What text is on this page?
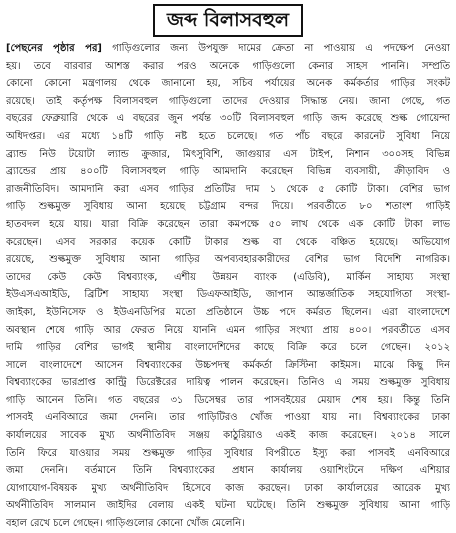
জব্দ বিলাসবহুল
[পেছনের পৃষ্ঠার পর] গাড়িগুলোর জন্য উপযুক্ত দামের ক্রেতা না পাওয়ায় এ পদক্ষেপ নেওয়া
হয়। তবে বারবার আশস্ত করার পরও অনেকে গাড়িগুলো কেনার সাহস পাননি। সম্প্রতি
কোনো কোনো মন্ত্রণালয় থেকে জানানো হয়, সচিব পর্যায়ের অনেক কর্মকর্তার গাড়ির সংকট
রয়েছে। তাই কর্তৃপক্ষ বিলাসবহুল গাড়িগুলো তাদের দেওয়ার সিদ্ধান্ত নেয়। জানা গেছে, গত
বছরের ফেব্রুয়ারি থেকে এ বছরের জুন পর্যন্ত ৩০টি বিলাসবহুল গাড়ি জব্দ করেছে শুল্ক গোয়েন্দা
অধিদপ্তর। এর মধ্যে ১৪টি গাড়ি নষ্ট হতে চলেছে। গত পাঁচ বছরে কারনেট সুবিধা নিয়ে
ব্র্যান্ড নিউ টয়োটা ল্যান্ড ক্রুজার, মিৎসুবিশি, জাগুয়ার এস টাইপ, নিশান ৩০০সহ বিভিন্ন
ব্র্যান্ডের প্রায় ৪০০টি বিলাসবহুল গাড়ি আমদানি করেছেন বিভিন্ন ব্যবসায়ী, ক্রীড়াবিদ ও
রাজনীতিবিদ। আমদানি করা এসব গাড়ির প্রতিটির দাম ১ থেকে ৫ কোটি টাকা। বেশির ভাগ
গাড়ি শুল্কমুক্ত সুবিধায় আনা হয়েছে চট্টগ্রাম বন্দর দিয়ে। পরবর্তীতে ৮০ শতাংশ গাড়িই
হাতবদল হয়ে যায়। যারা বিক্রি করেছেন তারা কমপক্ষে ৫০ লাখ থেকে এক কোটি টাকা লাভ
করেছেন। এসব সরকার কয়েক কোটি টাকার শুল্ক বা থেকে বঞ্চিত হয়েছে। অভিযোগ
রয়েছে, শুল্কমুক্ত সুবিধায় আনা গাড়ির অপব্যবহারকারীদের বেশির ভাগ বিদেশি নাগরিক।
তাদের কেউ কেউ বিশ্বব্যাংক, এশীয় উন্নয়ন ব্যাংক (এডিবি), মার্কিন সাহায্য সংস্থা
ইউএসএআইডি, ব্রিটিশ সাহায্য সংস্থা ডিএফআইডি, জাপান আন্তর্জাতিক সহযোগিতা সংস্থা-
জাইকা, ইউনিসেফ ও ইউএনডিপির মতো প্রতিষ্ঠানে উচ্চ পদে কর্মরত ছিলেন। এরা বাংলাদেশে
অবস্থান শেষে গাড়ি আর ফেরত নিয়ে যাননি এমন গাড়ির সংখ্যা প্রায় ৪০০। পরবর্তীতে এসব
দামি গাড়ির বেশির ভাগই স্থানীয় বাংলাদেশিদের কাছে বিক্রি করে চলে গেছেন। ২০১২
সালে বাংলাদেশে আসেন বিশ্বব্যাংকের উচ্চপদস্থ কর্মকর্তা ক্রিস্টিনা কাইমস। মাঝে কিছু দিন
বিশ্বব্যাংকের ভারপ্রাপ্ত কান্ট্রি ডিরেক্টরের দায়িত্ব পালন করেছেন। তিনিও এ সময় শুল্কমুক্ত সুবিধায়
গাড়ি আনেন তিনি। গত বছরের ৩১ ডিসেম্বর তার পাসবইয়ের মেয়াদ শেষ হয়। কিন্তু তিনি
পাসবই এনবিআরে জমা দেননি। তার গাড়িটিরও খোঁজ পাওয়া যায় না। বিশ্বব্যাংকের ঢাকা
কার্যালয়ের সাবেক মুখ্য অর্থনীতিবিদ সঞ্জয় কাঠুরিয়াও একই কাজ করেছেন। ২০১৪ সালে
তিনি ফিরে যাওয়ার সময় শুল্কমুক্ত গাড়ির সুবিধার বিপরীতে ইস্যু করা পাসবই এনবিআরে
জমা দেননি। বর্তমানে তিনি বিশ্বব্যাংকের প্রধান কার্যালয় ওয়াশিংটনে দক্ষিণ এশিয়ার
যোগাযোগ-বিষয়ক মুখ্য অর্থনীতিবিদ হিসেবে কাজ করছেন। ঢাকা কার্যালয়ের আরেক মুখ্য
অর্থনীতিবিদ সালমান জাইদির বেলায় একই ঘটনা ঘটেছে। তিনি শুল্কমুক্ত সুবিধায় আনা গাড়ি
বহাল রেখে চলে গেছেন। গাড়িগুলোর কোনো খোঁজ মেলেনি।
